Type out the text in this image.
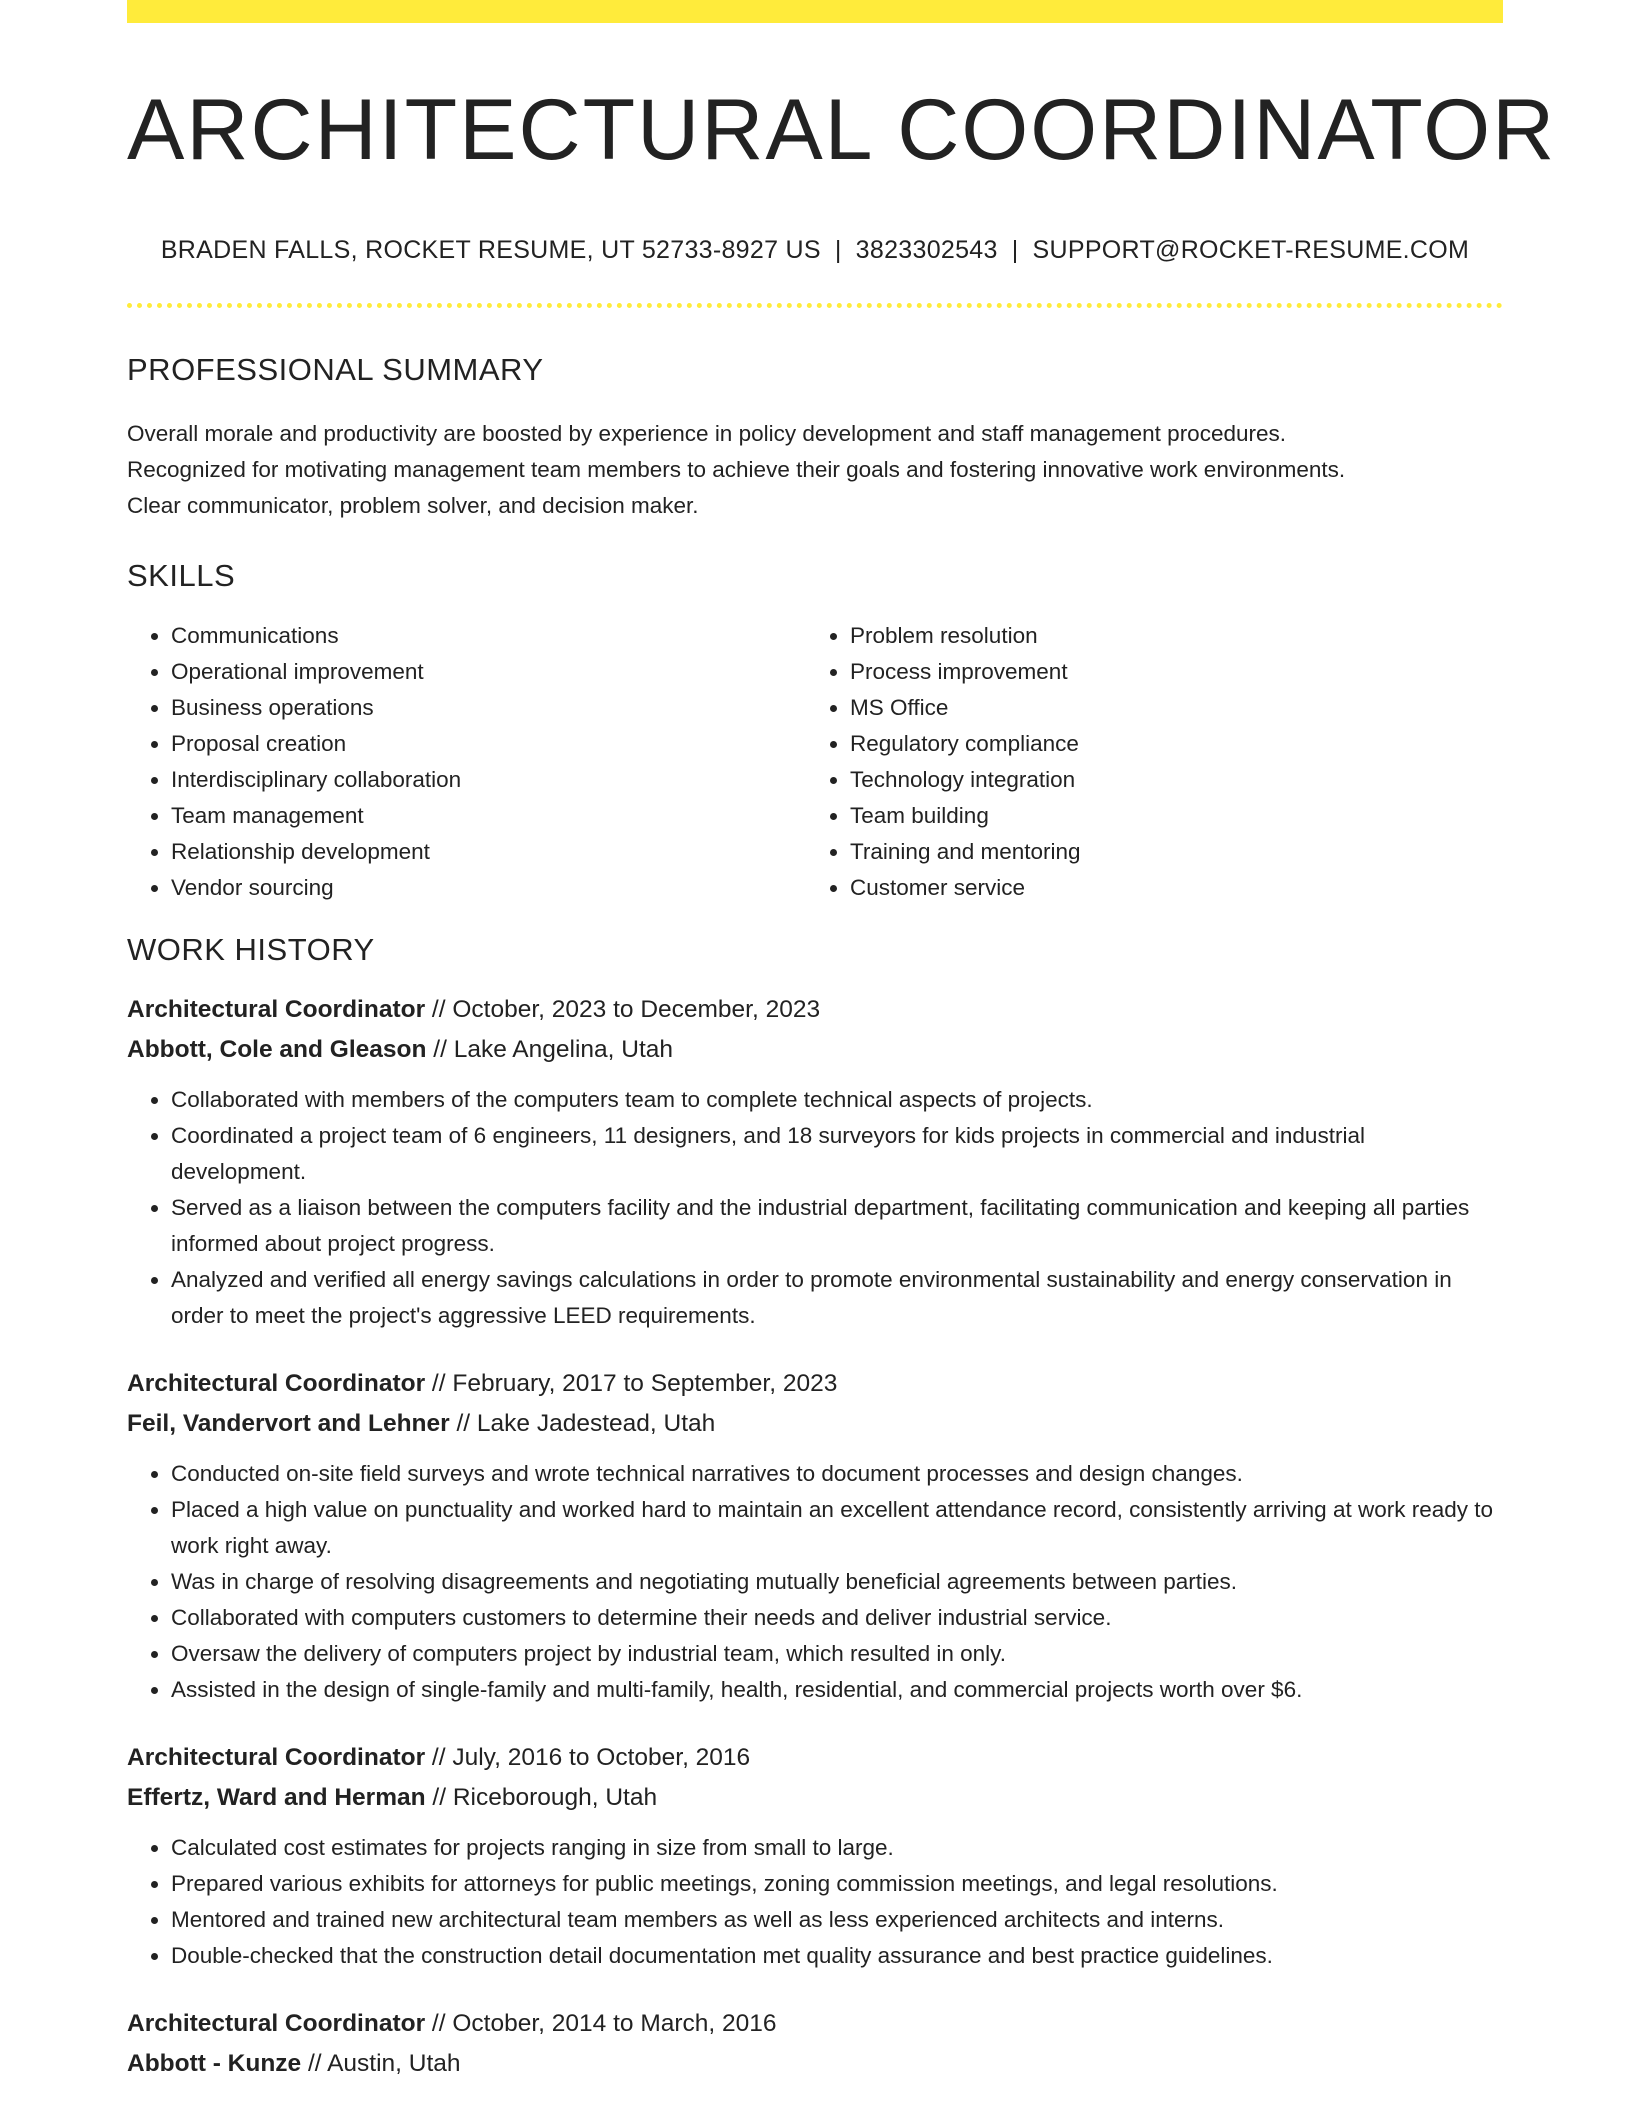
ARCHITECTURAL COORDINATOR
BRADEN FALLS, ROCKET RESUME, UT 52733-8927 US | 3823302543 | SUPPORT@ROCKET-RESUME.COM
PROFESSIONAL SUMMARY
Overall morale and productivity are boosted by experience in policy development and staff management procedures.
Recognized for motivating management team members to achieve their goals and fostering innovative work environments.
Clear communicator, problem solver, and decision maker.
SKILLS
• Communications
• Operational improvement
• Business operations
• Proposal creation
• Interdisciplinary collaboration
• Team management
• Relationship development
• Vendor sourcing
• Problem resolution
• Process improvement
• MS Office
• Regulatory compliance
• Technology integration
• Team building
• Training and mentoring
• Customer service
WORK HISTORY
Architectural Coordinator // October, 2023 to December, 2023
Abbott, Cole and Gleason // Lake Angelina, Utah
• Collaborated with members of the computers team to complete technical aspects of projects.
• Coordinated a project team of 6 engineers, 11 designers, and 18 surveyors for kids projects in commercial and industrial development.
• Served as a liaison between the computers facility and the industrial department, facilitating communication and keeping all parties informed about project progress.
• Analyzed and verified all energy savings calculations in order to promote environmental sustainability and energy conservation in order to meet the project's aggressive LEED requirements.
Architectural Coordinator // February, 2017 to September, 2023
Feil, Vandervort and Lehner // Lake Jadestead, Utah
• Conducted on-site field surveys and wrote technical narratives to document processes and design changes.
• Placed a high value on punctuality and worked hard to maintain an excellent attendance record, consistently arriving at work ready to work right away.
• Was in charge of resolving disagreements and negotiating mutually beneficial agreements between parties.
• Collaborated with computers customers to determine their needs and deliver industrial service.
• Oversaw the delivery of computers project by industrial team, which resulted in only.
• Assisted in the design of single-family and multi-family, health, residential, and commercial projects worth over $6.
Architectural Coordinator // July, 2016 to October, 2016
Effertz, Ward and Herman // Riceborough, Utah
• Calculated cost estimates for projects ranging in size from small to large.
• Prepared various exhibits for attorneys for public meetings, zoning commission meetings, and legal resolutions.
• Mentored and trained new architectural team members as well as less experienced architects and interns.
• Double-checked that the construction detail documentation met quality assurance and best practice guidelines.
Architectural Coordinator // October, 2014 to March, 2016
Abbott - Kunze // Austin, Utah
